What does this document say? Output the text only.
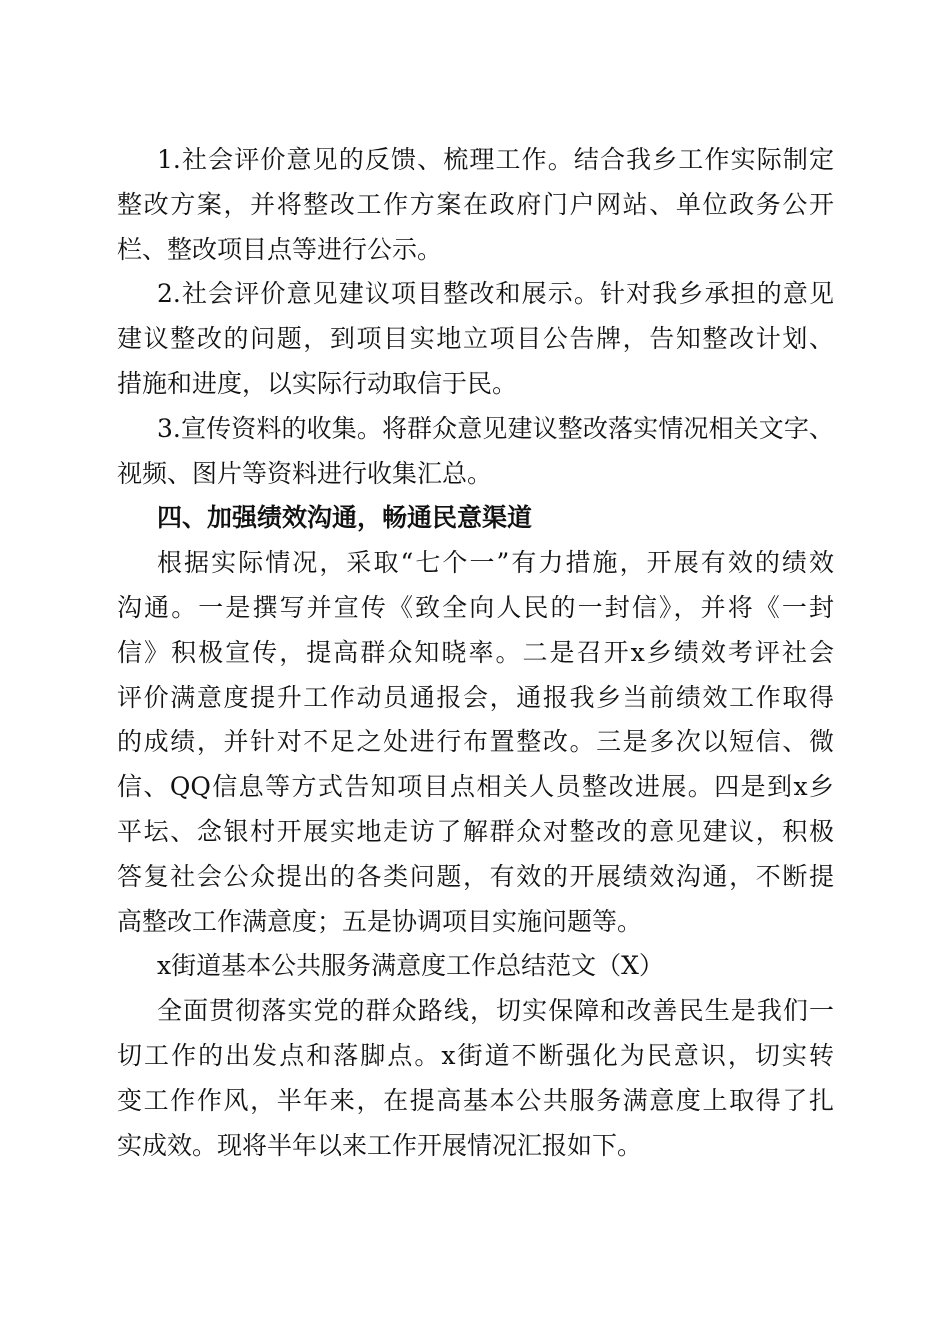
1.社会评价意见的反馈、梳理工作。结合我乡工作实际制定
整改方案，并将整改工作方案在政府门户网站、单位政务公开
栏、整改项目点等进行公示。
2.社会评价意见建议项目整改和展示。针对我乡承担的意见
建议整改的问题，到项目实地立项目公告牌，告知整改计划、
措施和进度，以实际行动取信于民。
3.宣传资料的收集。将群众意见建议整改落实情况相关文字、
视频、图片等资料进行收集汇总。
四、加强绩效沟通，畅通民意渠道
根据实际情况，采取“七个一”有力措施，开展有效的绩效
沟通。一是撰写并宣传《致全向人民的一封信》，并将《一封
信》积极宣传，提高群众知晓率。二是召开x乡绩效考评社会
评价满意度提升工作动员通报会，通报我乡当前绩效工作取得
的成绩，并针对不足之处进行布置整改。三是多次以短信、微
信、QQ信息等方式告知项目点相关人员整改进展。四是到x乡
平坛、念银村开展实地走访了解群众对整改的意见建议，积极
答复社会公众提出的各类问题，有效的开展绩效沟通，不断提
高整改工作满意度；五是协调项目实施问题等。
x街道基本公共服务满意度工作总结范文（X）
全面贯彻落实党的群众路线，切实保障和改善民生是我们一
切工作的出发点和落脚点。x街道不断强化为民意识，切实转
变工作作风，半年来，在提高基本公共服务满意度上取得了扎
实成效。现将半年以来工作开展情况汇报如下。
